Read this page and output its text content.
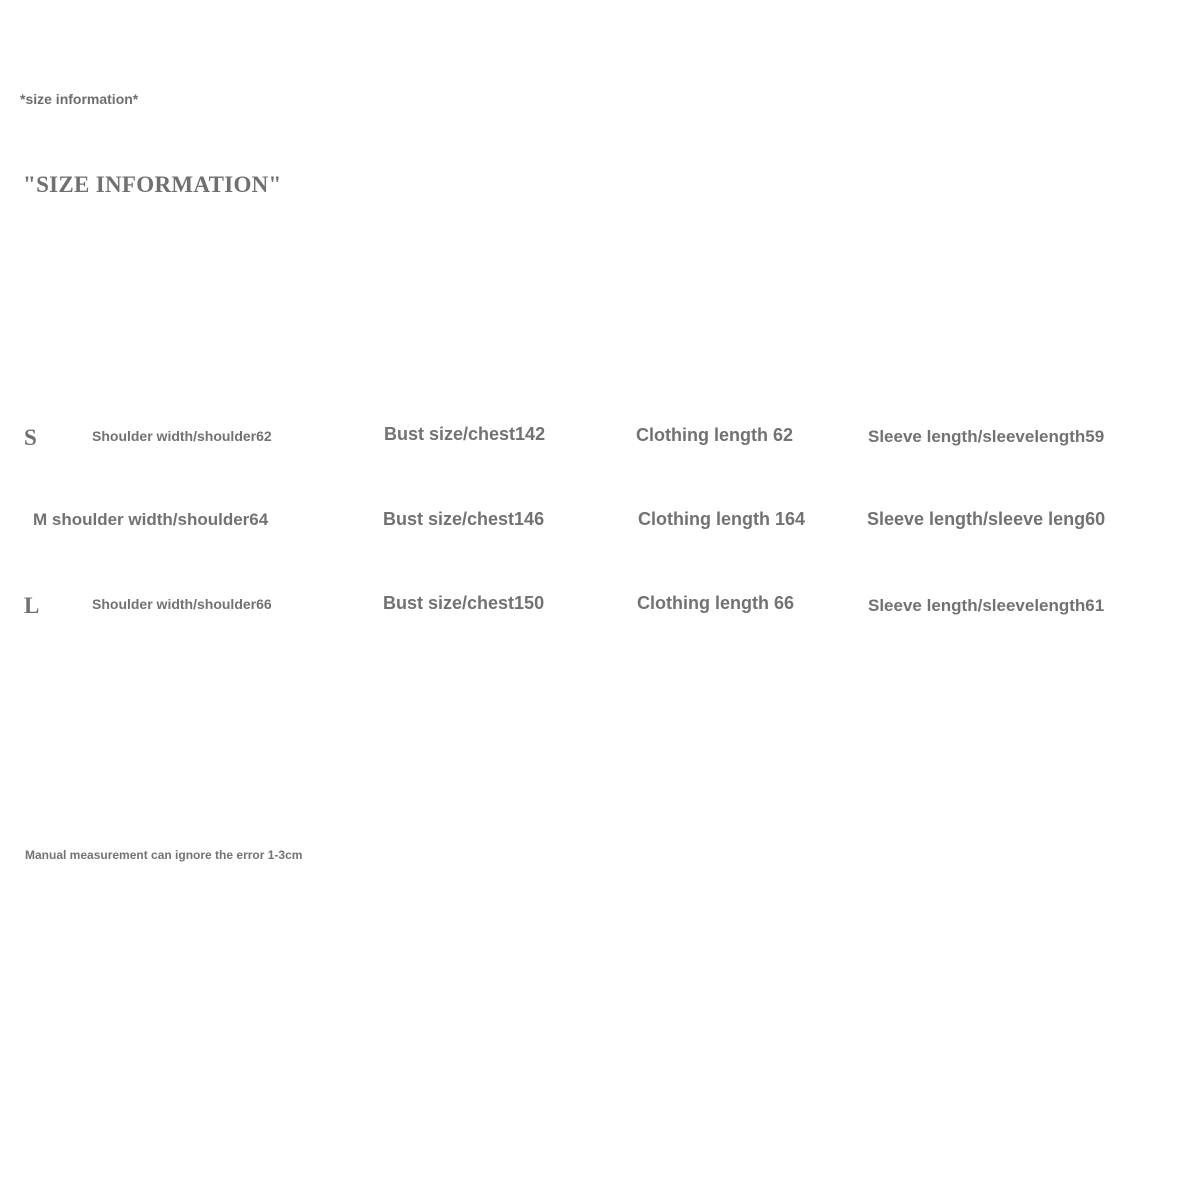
*size information*
"SIZE INFORMATION"
S	Shoulder width/shoulder62	Bust size/chest142	Clothing length 62	Sleeve length/sleevelength59
M shoulder width/shoulder64	Bust size/chest146	Clothing length 164	Sleeve length/sleeve leng60
L	Shoulder width/shoulder66	Bust size/chest150	Clothing length 66	Sleeve length/sleevelength61
Manual measurement can ignore the error 1-3cm
